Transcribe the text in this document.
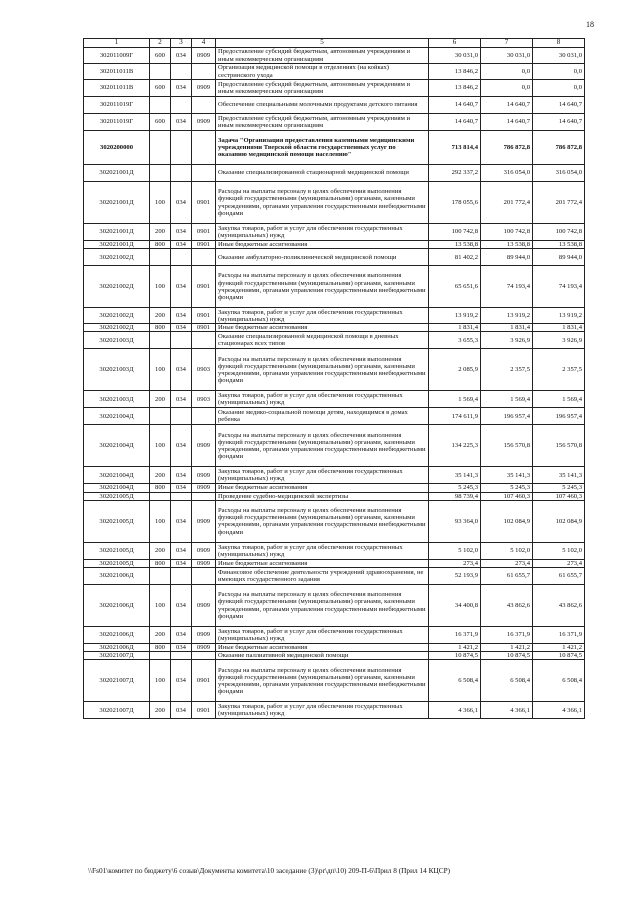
18
1	2	3	4	5	6	7	8
302011009Г	600	034	0909	Предоставление субсидий бюджетным, автономным учреждениям и иным некоммерческим организациям	30 031,0	30 031,0	30 031,0
302011011В				Организация медицинской помощи в отделениях (на койках) сестринского ухода	13 846,2	0,0	0,0
302011011В	600	034	0909	Предоставление субсидий бюджетным, автономным учреждениям и иным некоммерческим организациям	13 846,2	0,0	0,0
302011019Г				Обеспечение специальными молочными продуктами детского питания	14 640,7	14 640,7	14 640,7
302011019Г	600	034	0909	Предоставление субсидий бюджетным, автономным учреждениям и иным некоммерческим организациям	14 640,7	14 640,7	14 640,7
3020200000				Задача "Организация предоставления казенными медицинскими учреждениями Тверской области государственных услуг по оказанию медицинской помощи населению"	713 814,4	786 872,8	786 872,8
302021001Д				Оказание специализированной стационарной медицинской помощи	292 337,2	316 054,0	316 054,0
302021001Д	100	034	0901	Расходы на выплаты персоналу в целях обеспечения выполнения функций государственными (муниципальными) органами, казенными учреждениями, органами управления государственными внебюджетными фондами	178 055,6	201 772,4	201 772,4
302021001Д	200	034	0901	Закупка товаров, работ и услуг для обеспечения государственных (муниципальных) нужд	100 742,8	100 742,8	100 742,8
302021001Д	800	034	0901	Иные бюджетные ассигнования	13 538,8	13 538,8	13 538,8
302021002Д				Оказание амбулаторно-поликлинической медицинской помощи	81 402,2	89 944,0	89 944,0
302021002Д	100	034	0901	Расходы на выплаты персоналу в целях обеспечения выполнения функций государственными (муниципальными) органами, казенными учреждениями, органами управления государственными внебюджетными фондами	65 651,6	74 193,4	74 193,4
302021002Д	200	034	0901	Закупка товаров, работ и услуг для обеспечения государственных (муниципальных) нужд	13 919,2	13 919,2	13 919,2
302021002Д	800	034	0901	Иные бюджетные ассигнования	1 831,4	1 831,4	1 831,4
302021003Д				Оказание специализированной медицинской помощи в дневных стационарах всех типов	3 655,3	3 926,9	3 926,9
302021003Д	100	034	0903	Расходы на выплаты персоналу в целях обеспечения выполнения функций государственными (муниципальными) органами, казенными учреждениями, органами управления государственными внебюджетными фондами	2 085,9	2 357,5	2 357,5
302021003Д	200	034	0903	Закупка товаров, работ и услуг для обеспечения государственных (муниципальных) нужд	1 569,4	1 569,4	1 569,4
302021004Д				Оказание медико-социальной помощи детям, находящимся в домах ребенка	174 611,9	196 957,4	196 957,4
302021004Д	100	034	0909	Расходы на выплаты персоналу в целях обеспечения выполнения функций государственными (муниципальными) органами, казенными учреждениями, органами управления государственными внебюджетными фондами	134 225,3	156 570,8	156 570,8
302021004Д	200	034	0909	Закупка товаров, работ и услуг для обеспечения государственных (муниципальных) нужд	35 141,3	35 141,3	35 141,3
302021004Д	800	034	0909	Иные бюджетные ассигнования	5 245,3	5 245,3	5 245,3
302021005Д				Проведение судебно-медицинской экспертизы	98 739,4	107 460,3	107 460,3
302021005Д	100	034	0909	Расходы на выплаты персоналу в целях обеспечения выполнения функций государственными (муниципальными) органами, казенными учреждениями, органами управления государственными внебюджетными фондами	93 364,0	102 084,9	102 084,9
302021005Д	200	034	0909	Закупка товаров, работ и услуг для обеспечения государственных (муниципальных) нужд	5 102,0	5 102,0	5 102,0
302021005Д	800	034	0909	Иные бюджетные ассигнования	273,4	273,4	273,4
302021006Д				Финансовое обеспечение деятельности учреждений здравоохранения, не имеющих государственного задания	52 193,9	61 655,7	61 655,7
302021006Д	100	034	0909	Расходы на выплаты персоналу в целях обеспечения выполнения функций государственными (муниципальными) органами, казенными учреждениями, органами управления государственными внебюджетными фондами	34 400,8	43 862,6	43 862,6
302021006Д	200	034	0909	Закупка товаров, работ и услуг для обеспечения государственных (муниципальных) нужд	16 371,9	16 371,9	16 371,9
302021006Д	800	034	0909	Иные бюджетные ассигнования	1 421,2	1 421,2	1 421,2
302021007Д				Оказание паллиативной медицинской помощи	10 874,5	10 874,5	10 874,5
302021007Д	100	034	0901	Расходы на выплаты персоналу в целях обеспечения выполнения функций государственными (муниципальными) органами, казенными учреждениями, органами управления государственными внебюджетными фондами	6 508,4	6 508,4	6 508,4
302021007Д	200	034	0901	Закупка товаров, работ и услуг для обеспечения государственных (муниципальных) нужд	4 366,1	4 366,1	4 366,1
\\Fs01\комитет по бюджету\6 созыв\Документы комитета\10 заседание (3)\pr\дп\10) 209-П-6\Прил 8 (Прил 14 КЦСР)
